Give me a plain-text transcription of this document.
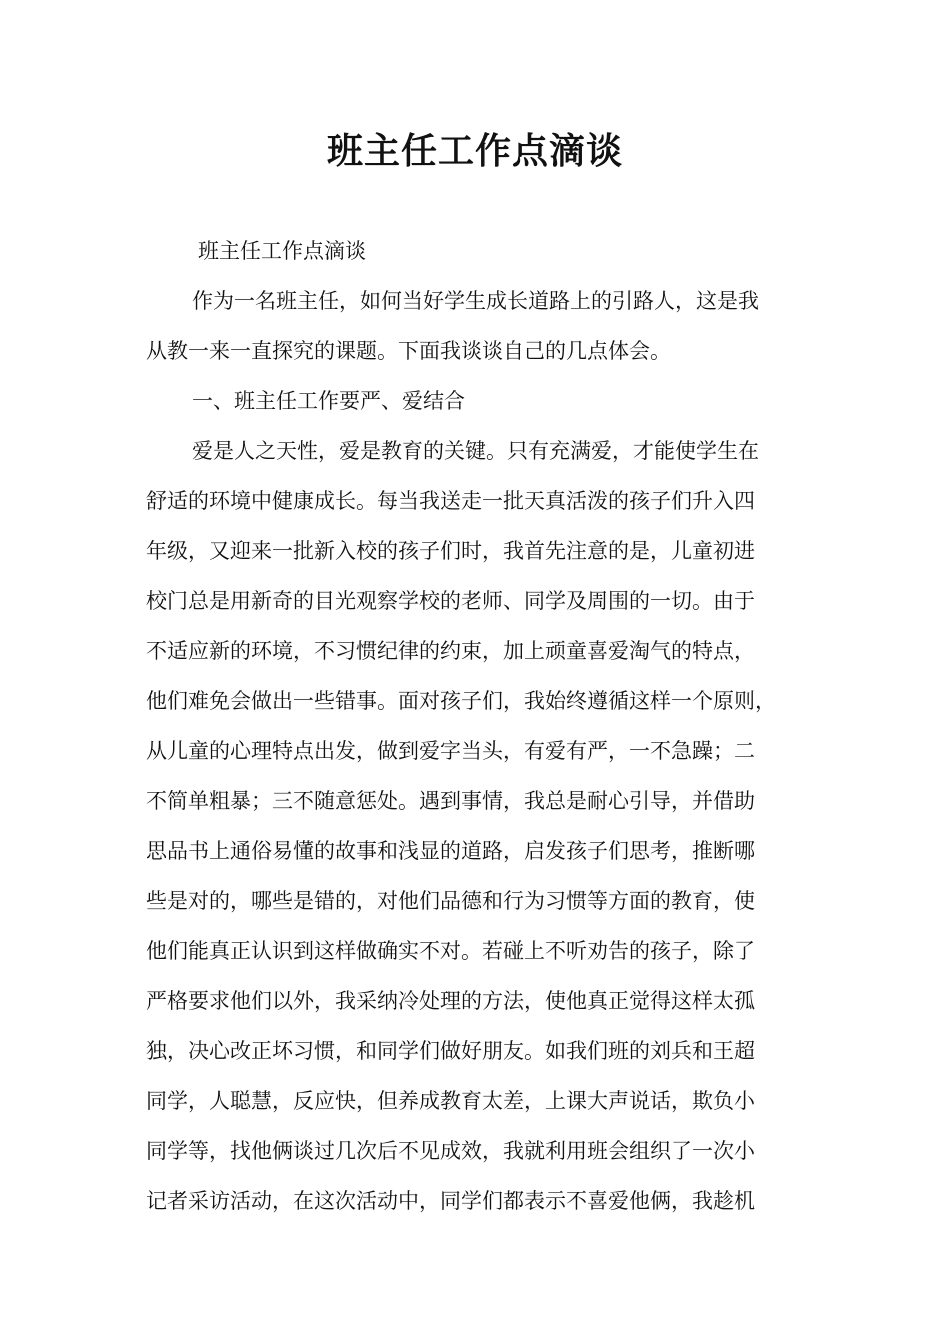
班主任工作点滴谈
班主任工作点滴谈
作为一名班主任，如何当好学生成长道路上的引路人，这是我
从教一来一直探究的课题。下面我谈谈自己的几点体会。
一、班主任工作要严、爱结合
爱是人之天性，爱是教育的关键。只有充满爱，才能使学生在
舒适的环境中健康成长。每当我送走一批天真活泼的孩子们升入四
年级，又迎来一批新入校的孩子们时，我首先注意的是，儿童初进
校门总是用新奇的目光观察学校的老师、同学及周围的一切。由于
不适应新的环境，不习惯纪律的约束，加上顽童喜爱淘气的特点，
他们难免会做出一些错事。面对孩子们，我始终遵循这样一个原则，
从儿童的心理特点出发，做到爱字当头，有爱有严，一不急躁；二
不简单粗暴；三不随意惩处。遇到事情，我总是耐心引导，并借助
思品书上通俗易懂的故事和浅显的道路，启发孩子们思考，推断哪
些是对的，哪些是错的，对他们品德和行为习惯等方面的教育，使
他们能真正认识到这样做确实不对。若碰上不听劝告的孩子，除了
严格要求他们以外，我采纳冷处理的方法，使他真正觉得这样太孤
独，决心改正坏习惯，和同学们做好朋友。如我们班的刘兵和王超
同学，人聪慧，反应快，但养成教育太差，上课大声说话，欺负小
同学等，找他俩谈过几次后不见成效，我就利用班会组织了一次小
记者采访活动，在这次活动中，同学们都表示不喜爱他俩，我趁机
